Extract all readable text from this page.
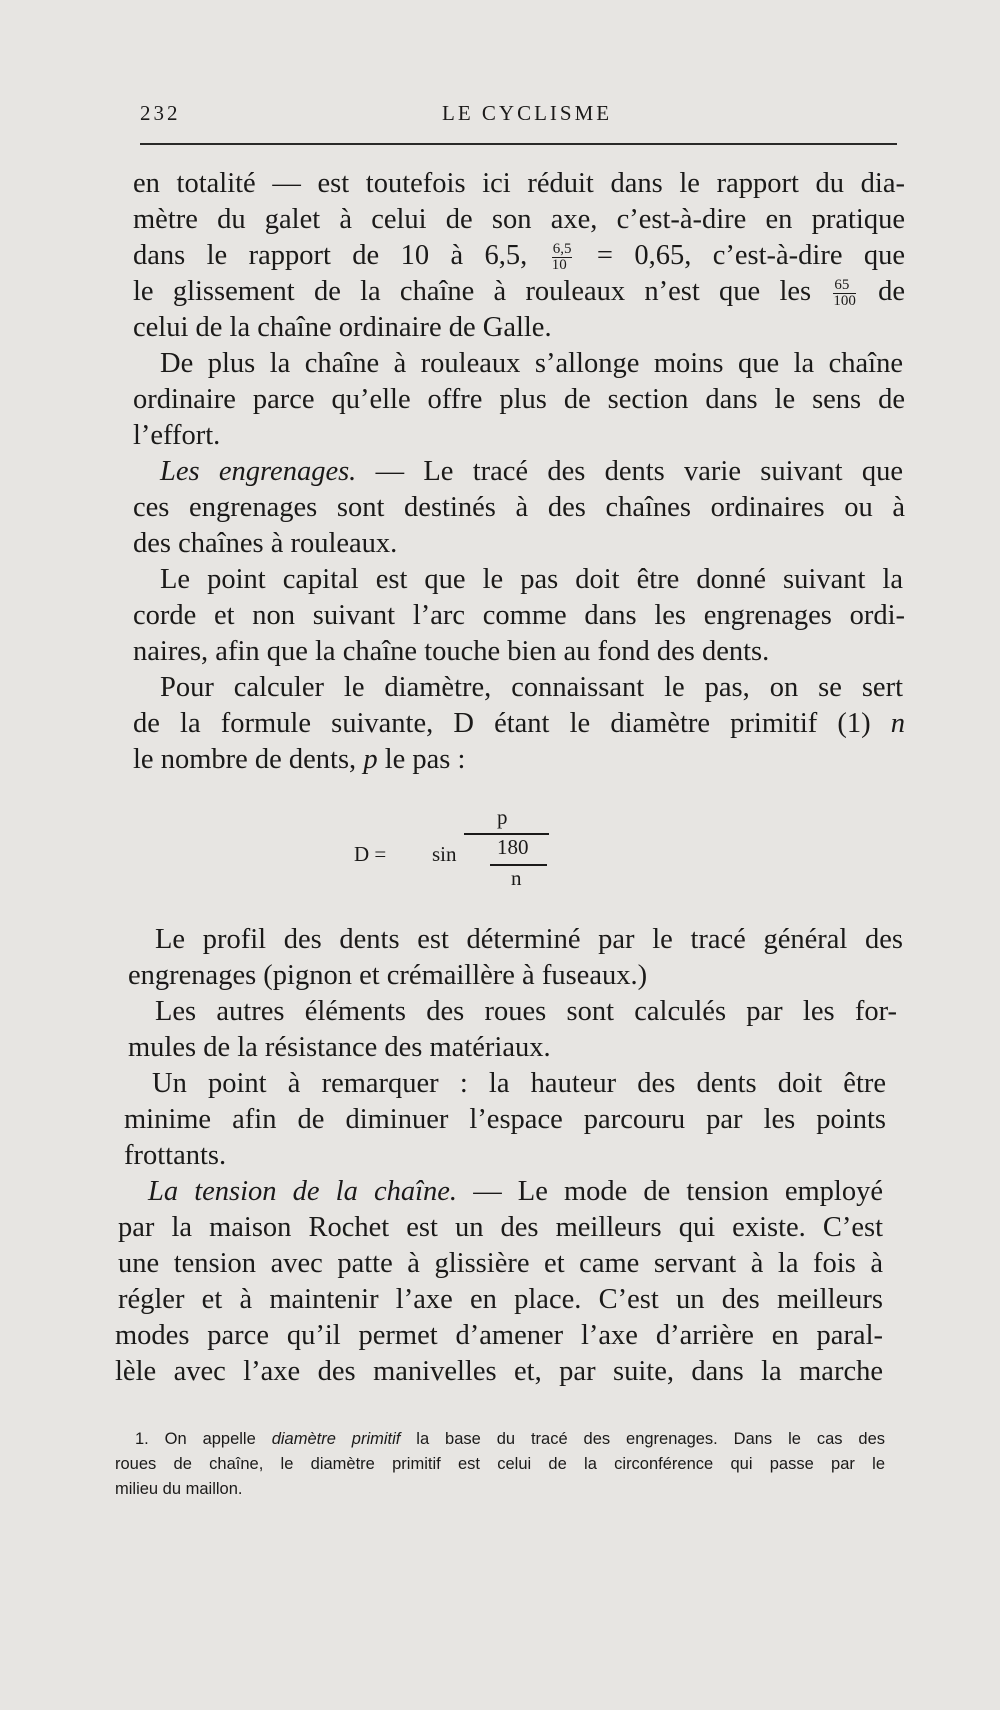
232	LE CYCLISME
en totalité — est toutefois ici réduit dans le rapport du dia-
mètre du galet à celui de son axe, c’est-à-dire en pratique
dans le rapport de 10 à 6,5, $\frac{6,5}{10} = 0,65$, c’est-à-dire que
le glissement de la chaîne à rouleaux n’est que les $\frac{65}{100}$ de
celui de la chaîne ordinaire de Galle.
De plus la chaîne à rouleaux s’allonge moins que la chaîne
ordinaire parce qu’elle offre plus de section dans le sens de
l’effort.
Les engrenages. — Le tracé des dents varie suivant que
ces engrenages sont destinés à des chaînes ordinaires ou à
des chaînes à rouleaux.
Le point capital est que le pas doit être donné suivant la
corde et non suivant l’arc comme dans les engrenages ordi-
naires, afin que la chaîne touche bien au fond des dents.
Pour calculer le diamètre, connaissant le pas, on se sert
de la formule suivante, D étant le diamètre primitif (1) n
le nombre de dents, p le pas :
D = sin
p
180
n
Le profil des dents est déterminé par le tracé général des
engrenages (pignon et crémaillère à fuseaux.)
Les autres éléments des roues sont calculés par les for-
mules de la résistance des matériaux.
Un point à remarquer : la hauteur des dents doit être
minime afin de diminuer l’espace parcouru par les points
frottants.
La tension de la chaîne. — Le mode de tension employé
par la maison Rochet est un des meilleurs qui existe. C’est
une tension avec patte à glissière et came servant à la fois à
régler et à maintenir l’axe en place. C’est un des meilleurs
modes parce qu’il permet d’amener l’axe d’arrière en paral-
lèle avec l’axe des manivelles et, par suite, dans la marche
1. On appelle diamètre primitif la base du tracé des engrenages. Dans le cas des
roues de chaîne, le diamètre primitif est celui de la circonférence qui passe par le
milieu du maillon.
